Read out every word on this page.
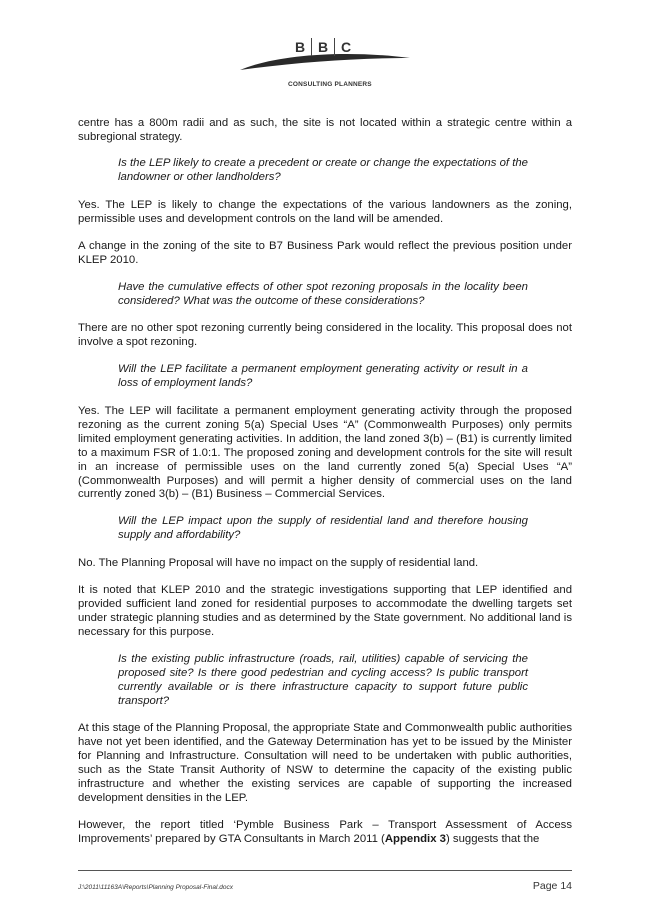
B B C
CONSULTING PLANNERS

centre has a 800m radii and as such, the site is not located within a strategic centre within a subregional strategy.

Is the LEP likely to create a precedent or create or change the expectations of the landowner or other landholders?

Yes. The LEP is likely to change the expectations of the various landowners as the zoning, permissible uses and development controls on the land will be amended.

A change in the zoning of the site to B7 Business Park would reflect the previous position under KLEP 2010.

Have the cumulative effects of other spot rezoning proposals in the locality been considered? What was the outcome of these considerations?

There are no other spot rezoning currently being considered in the locality. This proposal does not involve a spot rezoning.

Will the LEP facilitate a permanent employment generating activity or result in a loss of employment lands?

Yes. The LEP will facilitate a permanent employment generating activity through the proposed rezoning as the current zoning 5(a) Special Uses “A” (Commonwealth Purposes) only permits limited employment generating activities. In addition, the land zoned 3(b) – (B1) is currently limited to a maximum FSR of 1.0:1. The proposed zoning and development controls for the site will result in an increase of permissible uses on the land currently zoned 5(a) Special Uses “A” (Commonwealth Purposes) and will permit a higher density of commercial uses on the land currently zoned 3(b) – (B1) Business – Commercial Services.

Will the LEP impact upon the supply of residential land and therefore housing supply and affordability?

No. The Planning Proposal will have no impact on the supply of residential land.

It is noted that KLEP 2010 and the strategic investigations supporting that LEP identified and provided sufficient land zoned for residential purposes to accommodate the dwelling targets set under strategic planning studies and as determined by the State government. No additional land is necessary for this purpose.

Is the existing public infrastructure (roads, rail, utilities) capable of servicing the proposed site? Is there good pedestrian and cycling access? Is public transport currently available or is there infrastructure capacity to support future public transport?

At this stage of the Planning Proposal, the appropriate State and Commonwealth public authorities have not yet been identified, and the Gateway Determination has yet to be issued by the Minister for Planning and Infrastructure. Consultation will need to be undertaken with public authorities, such as the State Transit Authority of NSW to determine the capacity of the existing public infrastructure and whether the existing services are capable of supporting the increased development densities in the LEP.

However, the report titled ‘Pymble Business Park – Transport Assessment of Access Improvements’ prepared by GTA Consultants in March 2011 (Appendix 3) suggests that the

J:\2011\11163A\Reports\Planning Proposal-Final.docx	Page 14
